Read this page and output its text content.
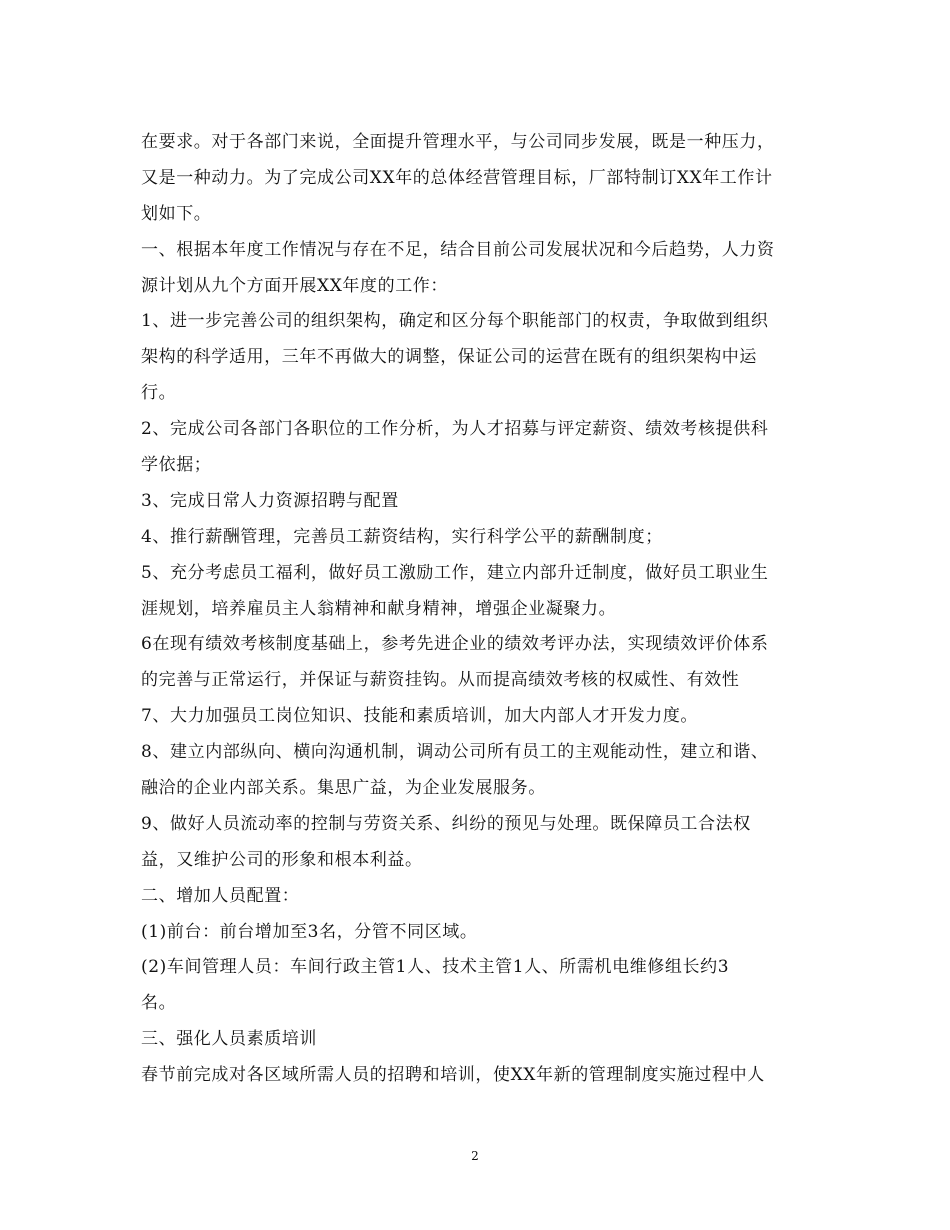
在要求。对于各部门来说，全面提升管理水平，与公司同步发展，既是一种压力，
又是一种动力。为了完成公司XX年的总体经营管理目标，厂部特制订XX年工作计
划如下。
一、根据本年度工作情况与存在不足，结合目前公司发展状况和今后趋势，人力资
源计划从九个方面开展XX年度的工作：
1、进一步完善公司的组织架构，确定和区分每个职能部门的权责，争取做到组织
架构的科学适用，三年不再做大的调整，保证公司的运营在既有的组织架构中运
行。
2、完成公司各部门各职位的工作分析，为人才招募与评定薪资、绩效考核提供科
学依据；
3、完成日常人力资源招聘与配置
4、推行薪酬管理，完善员工薪资结构，实行科学公平的薪酬制度；
5、充分考虑员工福利，做好员工激励工作，建立内部升迁制度，做好员工职业生
涯规划，培养雇员主人翁精神和献身精神，增强企业凝聚力。
6在现有绩效考核制度基础上，参考先进企业的绩效考评办法，实现绩效评价体系
的完善与正常运行，并保证与薪资挂钩。从而提高绩效考核的权威性、有效性
7、大力加强员工岗位知识、技能和素质培训，加大内部人才开发力度。
8、建立内部纵向、横向沟通机制，调动公司所有员工的主观能动性，建立和谐、
融洽的企业内部关系。集思广益，为企业发展服务。
9、做好人员流动率的控制与劳资关系、纠纷的预见与处理。既保障员工合法权
益，又维护公司的形象和根本利益。
二、增加人员配置：
(1)前台：前台增加至3名，分管不同区域。
(2)车间管理人员：车间行政主管1人、技术主管1人、所需机电维修组长约3
名。
三、强化人员素质培训
春节前完成对各区域所需人员的招聘和培训，使XX年新的管理制度实施过程中人
2
